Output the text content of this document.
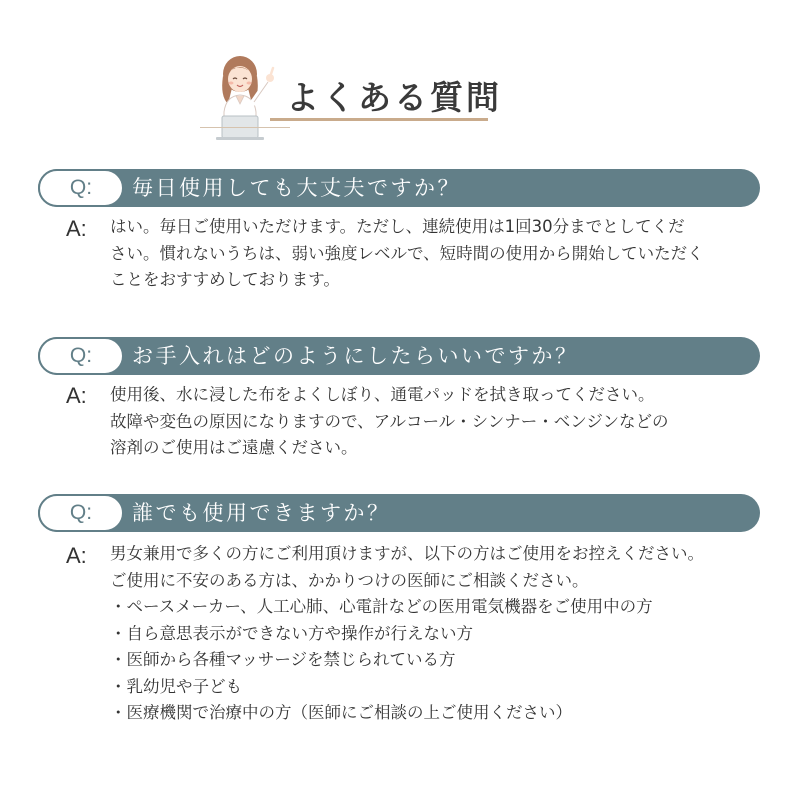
よくある質問
Q:	毎日使用しても大丈夫ですか？
A: はい。毎日ご使用いただけます。ただし、連続使用は1回30分までとしてくだ
さい。慣れないうちは、弱い強度レベルで、短時間の使用から開始していただく
ことをおすすめしております。
Q:	お手入れはどのようにしたらいいですか？
A: 使用後、水に浸した布をよくしぼり、通電パッドを拭き取ってください。
故障や変色の原因になりますので、アルコール・シンナー・ベンジンなどの
溶剤のご使用はご遠慮ください。
Q:	誰でも使用できますか？
A: 男女兼用で多くの方にご利用頂けますが、以下の方はご使用をお控えください。
ご使用に不安のある方は、かかりつけの医師にご相談ください。
・ペースメーカー、人工心肺、心電計などの医用電気機器をご使用中の方
・自ら意思表示ができない方や操作が行えない方
・医師から各種マッサージを禁じられている方
・乳幼児や子ども
・医療機関で治療中の方（医師にご相談の上ご使用ください）
